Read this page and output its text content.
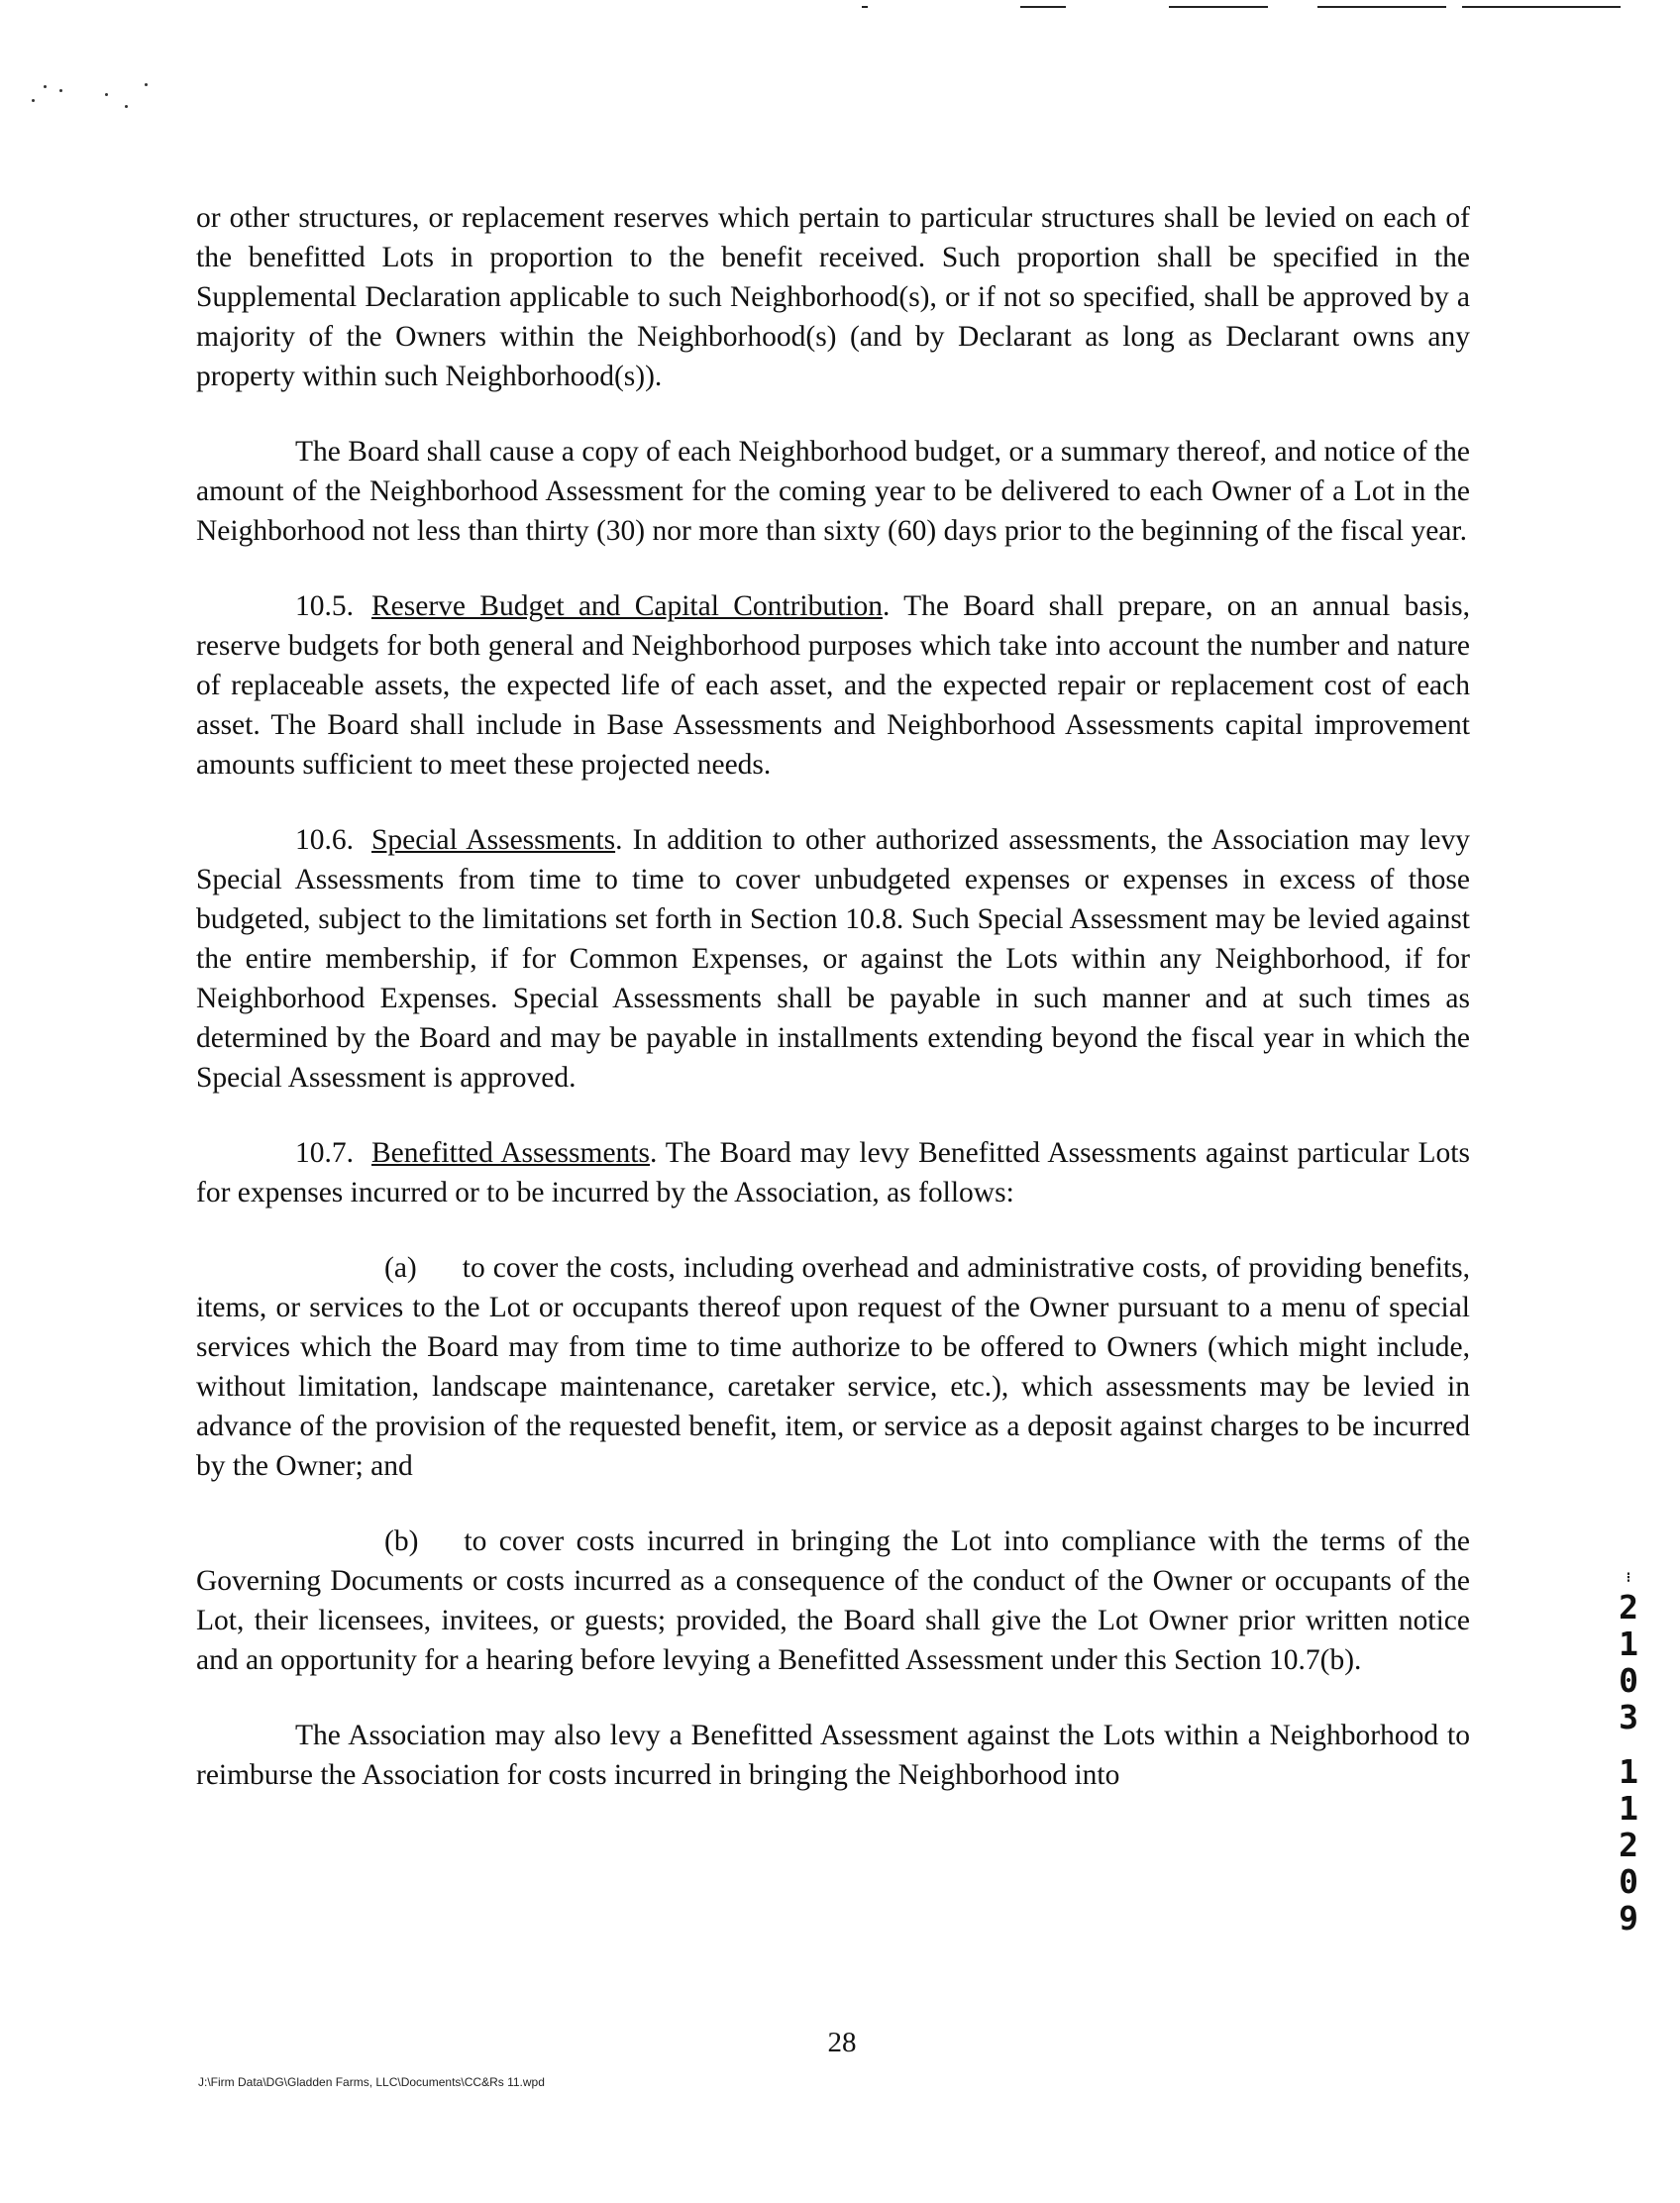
or other structures, or replacement reserves which pertain to particular structures shall be levied on each of the benefitted Lots in proportion to the benefit received. Such proportion shall be specified in the Supplemental Declaration applicable to such Neighborhood(s), or if not so specified, shall be approved by a majority of the Owners within the Neighborhood(s) (and by Declarant as long as Declarant owns any property within such Neighborhood(s)).

The Board shall cause a copy of each Neighborhood budget, or a summary thereof, and notice of the amount of the Neighborhood Assessment for the coming year to be delivered to each Owner of a Lot in the Neighborhood not less than thirty (30) nor more than sixty (60) days prior to the beginning of the fiscal year.

10.5. Reserve Budget and Capital Contribution. The Board shall prepare, on an annual basis, reserve budgets for both general and Neighborhood purposes which take into account the number and nature of replaceable assets, the expected life of each asset, and the expected repair or replacement cost of each asset. The Board shall include in Base Assessments and Neighborhood Assessments capital improvement amounts sufficient to meet these projected needs.

10.6. Special Assessments. In addition to other authorized assessments, the Association may levy Special Assessments from time to time to cover unbudgeted expenses or expenses in excess of those budgeted, subject to the limitations set forth in Section 10.8. Such Special Assessment may be levied against the entire membership, if for Common Expenses, or against the Lots within any Neighborhood, if for Neighborhood Expenses. Special Assessments shall be payable in such manner and at such times as determined by the Board and may be payable in installments extending beyond the fiscal year in which the Special Assessment is approved.

10.7. Benefitted Assessments. The Board may levy Benefitted Assessments against particular Lots for expenses incurred or to be incurred by the Association, as follows:

(a) to cover the costs, including overhead and administrative costs, of providing benefits, items, or services to the Lot or occupants thereof upon request of the Owner pursuant to a menu of special services which the Board may from time to time authorize to be offered to Owners (which might include, without limitation, landscape maintenance, caretaker service, etc.), which assessments may be levied in advance of the provision of the requested benefit, item, or service as a deposit against charges to be incurred by the Owner; and

(b) to cover costs incurred in bringing the Lot into compliance with the terms of the Governing Documents or costs incurred as a consequence of the conduct of the Owner or occupants of the Lot, their licensees, invitees, or guests; provided, the Board shall give the Lot Owner prior written notice and an opportunity for a hearing before levying a Benefitted Assessment under this Section 10.7(b).

The Association may also levy a Benefitted Assessment against the Lots within a Neighborhood to reimburse the Association for costs incurred in bringing the Neighborhood into

⁝
2
1
0
3
1
1
2
0
9
28
J:\Firm Data\DG\Gladden Farms, LLC\Documents\CC&Rs 11.wpd
